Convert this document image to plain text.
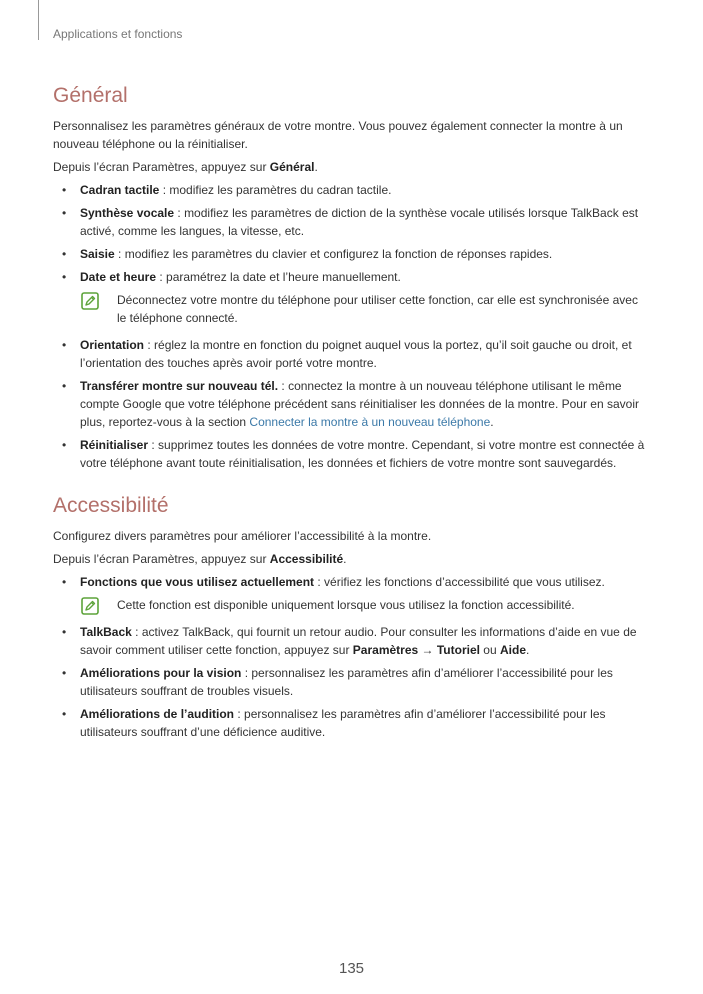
Applications et fonctions
Général

Personnalisez les paramètres généraux de votre montre. Vous pouvez également connecter la montre à un nouveau téléphone ou la réinitialiser.

Depuis l’écran Paramètres, appuyez sur Général.

• Cadran tactile : modifiez les paramètres du cadran tactile.
• Synthèse vocale : modifiez les paramètres de diction de la synthèse vocale utilisés lorsque TalkBack est activé, comme les langues, la vitesse, etc.
• Saisie : modifiez les paramètres du clavier et configurez la fonction de réponses rapides.
• Date et heure : paramétrez la date et l’heure manuellement.
Déconnectez votre montre du téléphone pour utiliser cette fonction, car elle est synchronisée avec le téléphone connecté.
• Orientation : réglez la montre en fonction du poignet auquel vous la portez, qu’il soit gauche ou droit, et l’orientation des touches après avoir porté votre montre.
• Transférer montre sur nouveau tél. : connectez la montre à un nouveau téléphone utilisant le même compte Google que votre téléphone précédent sans réinitialiser les données de la montre. Pour en savoir plus, reportez-vous à la section Connecter la montre à un nouveau téléphone.
• Réinitialiser : supprimez toutes les données de votre montre. Cependant, si votre montre est connectée à votre téléphone avant toute réinitialisation, les données et fichiers de votre montre sont sauvegardés.
Accessibilité

Configurez divers paramètres pour améliorer l’accessibilité à la montre.

Depuis l’écran Paramètres, appuyez sur Accessibilité.

• Fonctions que vous utilisez actuellement : vérifiez les fonctions d’accessibilité que vous utilisez.
Cette fonction est disponible uniquement lorsque vous utilisez la fonction accessibilité.
• TalkBack : activez TalkBack, qui fournit un retour audio. Pour consulter les informations d’aide en vue de savoir comment utiliser cette fonction, appuyez sur Paramètres → Tutoriel ou Aide.
• Améliorations pour la vision : personnalisez les paramètres afin d’améliorer l’accessibilité pour les utilisateurs souffrant de troubles visuels.
• Améliorations de l’audition : personnalisez les paramètres afin d’améliorer l’accessibilité pour les utilisateurs souffrant d’une déficience auditive.
135
